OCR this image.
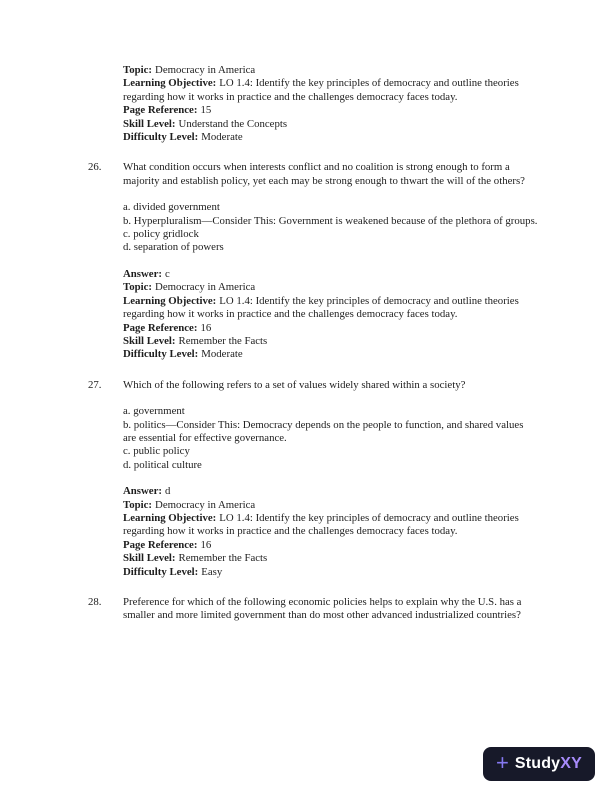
Topic: Democracy in America
Learning Objective: LO 1.4: Identify the key principles of democracy and outline theories regarding how it works in practice and the challenges democracy faces today.
Page Reference: 15
Skill Level: Understand the Concepts
Difficulty Level: Moderate
26.	What condition occurs when interests conflict and no coalition is strong enough to form a majority and establish policy, yet each may be strong enough to thwart the will of the others?

a. divided government
b. Hyperpluralism—Consider This: Government is weakened because of the plethora of groups.
c. policy gridlock
d. separation of powers
Answer: c
Topic: Democracy in America
Learning Objective: LO 1.4: Identify the key principles of democracy and outline theories regarding how it works in practice and the challenges democracy faces today.
Page Reference: 16
Skill Level: Remember the Facts
Difficulty Level: Moderate
27.	Which of the following refers to a set of values widely shared within a society?

a. government
b. politics—Consider This: Democracy depends on the people to function, and shared values are essential for effective governance.
c. public policy
d. political culture
Answer: d
Topic: Democracy in America
Learning Objective: LO 1.4: Identify the key principles of democracy and outline theories regarding how it works in practice and the challenges democracy faces today.
Page Reference: 16
Skill Level: Remember the Facts
Difficulty Level: Easy
28.	Preference for which of the following economic policies helps to explain why the U.S. has a smaller and more limited government than do most other advanced industrialized countries?

+ StudyXY
